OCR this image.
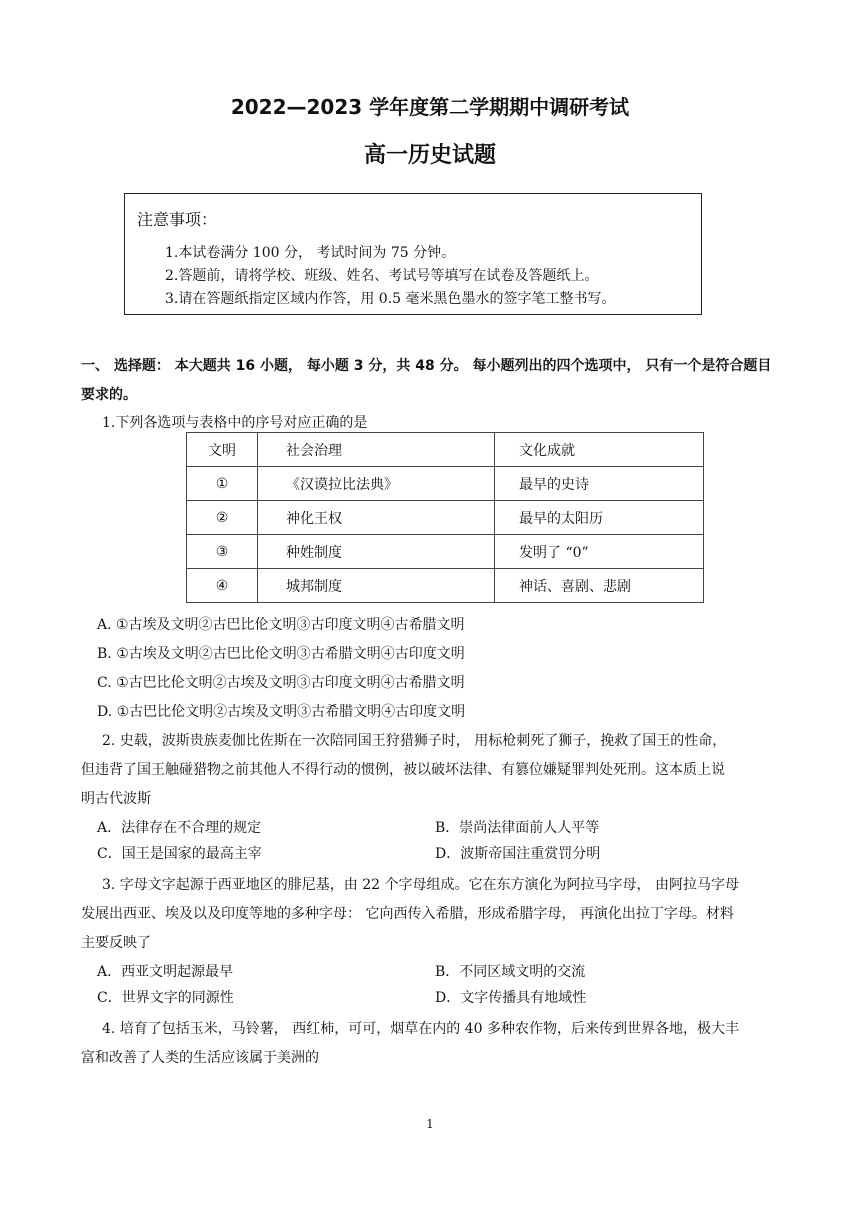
2022—2023 学年度第二学期期中调研考试
高一历史试题
注意事项：
1.本试卷满分 100 分， 考试时间为 75 分钟。
2.答题前，请将学校、班级、姓名、考试号等填写在试卷及答题纸上。
3.请在答题纸指定区域内作答，用 0.5 毫米黑色墨水的签字笔工整书写。
一、 选择题： 本大题共 16 小题， 每小题 3 分，共 48 分。 每小题列出的四个选项中， 只有一个是符合题目要求的。
1.下列各选项与表格中的序号对应正确的是
文明	社会治理	文化成就
①	《汉谟拉比法典》	最早的史诗
②	神化王权	最早的太阳历
③	种姓制度	发明了 “0”
④	城邦制度	神话、喜剧、悲剧
A. ①古埃及文明②古巴比伦文明③古印度文明④古希腊文明
B. ①古埃及文明②古巴比伦文明③古希腊文明④古印度文明
C. ①古巴比伦文明②古埃及文明③古印度文明④古希腊文明
D. ①古巴比伦文明②古埃及文明③古希腊文明④古印度文明
2. 史载，波斯贵族麦伽比佐斯在一次陪同国王狩猎狮子时， 用标枪刺死了狮子，挽救了国王的性命，
但违背了国王触碰猎物之前其他人不得行动的惯例，被以破坏法律、有篡位嫌疑罪判处死刑。这本质上说
明古代波斯
A．法律存在不合理的规定	B．崇尚法律面前人人平等
C．国王是国家的最高主宰	D．波斯帝国注重赏罚分明
3. 字母文字起源于西亚地区的腓尼基，由 22 个字母组成。它在东方演化为阿拉马字母， 由阿拉马字母
发展出西亚、埃及以及印度等地的多种字母： 它向西传入希腊，形成希腊字母， 再演化出拉丁字母。材料
主要反映了
A．西亚文明起源最早	B．不同区域文明的交流
C．世界文字的同源性	D．文字传播具有地域性
4. 培育了包括玉米，马铃薯， 西红柿，可可，烟草在内的 40 多种农作物，后来传到世界各地，极大丰
富和改善了人类的生活应该属于美洲的
1
